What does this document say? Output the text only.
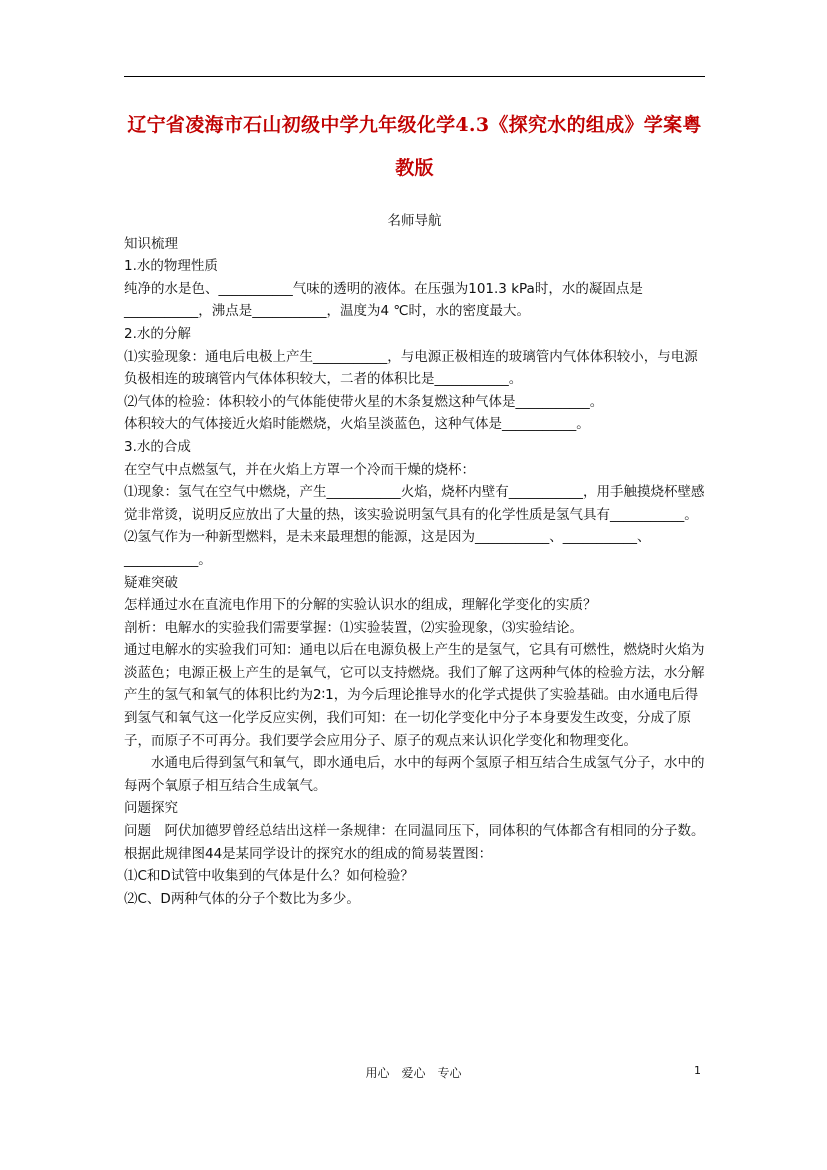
辽宁省凌海市石山初级中学九年级化学4.3《探究水的组成》学案粤教版

名师导航

知识梳理

1.水的物理性质

纯净的水是色、___________气味的透明的液体。在压强为101.3 kPa时，水的凝固点是___________，沸点是___________，温度为4 ℃时，水的密度最大。

2.水的分解

⑴实验现象：通电后电极上产生___________，与电源正极相连的玻璃管内气体体积较小，与电源负极相连的玻璃管内气体体积较大，二者的体积比是___________。

⑵气体的检验：体积较小的气体能使带火星的木条复燃这种气体是___________。

体积较大的气体接近火焰时能燃烧，火焰呈淡蓝色，这种气体是___________。

3.水的合成

在空气中点燃氢气，并在火焰上方罩一个冷而干燥的烧杯：

⑴现象：氢气在空气中燃烧，产生___________火焰，烧杯内壁有___________，用手触摸烧杯壁感觉非常烫，说明反应放出了大量的热，该实验说明氢气具有的化学性质是氢气具有___________。

⑵氢气作为一种新型燃料，是未来最理想的能源，这是因为___________、___________、___________。

疑难突破

怎样通过水在直流电作用下的分解的实验认识水的组成，理解化学变化的实质？

剖析：电解水的实验我们需要掌握：⑴实验装置，⑵实验现象，⑶实验结论。

通过电解水的实验我们可知：通电以后在电源负极上产生的是氢气，它具有可燃性，燃烧时火焰为淡蓝色；电源正极上产生的是氧气，它可以支持燃烧。我们了解了这两种气体的检验方法，水分解产生的氢气和氧气的体积比约为2∶1，为今后理论推导水的化学式提供了实验基础。由水通电后得到氢气和氧气这一化学反应实例，我们可知：在一切化学变化中分子本身要发生改变，分成了原子，而原子不可再分。我们要学会应用分子、原子的观点来认识化学变化和物理变化。

水通电后得到氢气和氧气，即水通电后，水中的每两个氢原子相互结合生成氢气分子，水中的每两个氧原子相互结合生成氧气。

问题探究

问题　阿伏加德罗曾经总结出这样一条规律：在同温同压下，同体积的气体都含有相同的分子数。根据此规律图44是某同学设计的探究水的组成的简易装置图：

⑴C和D试管中收集到的气体是什么？如何检验？

⑵C、D两种气体的分子个数比为多少。

用心　爱心　专心	1
